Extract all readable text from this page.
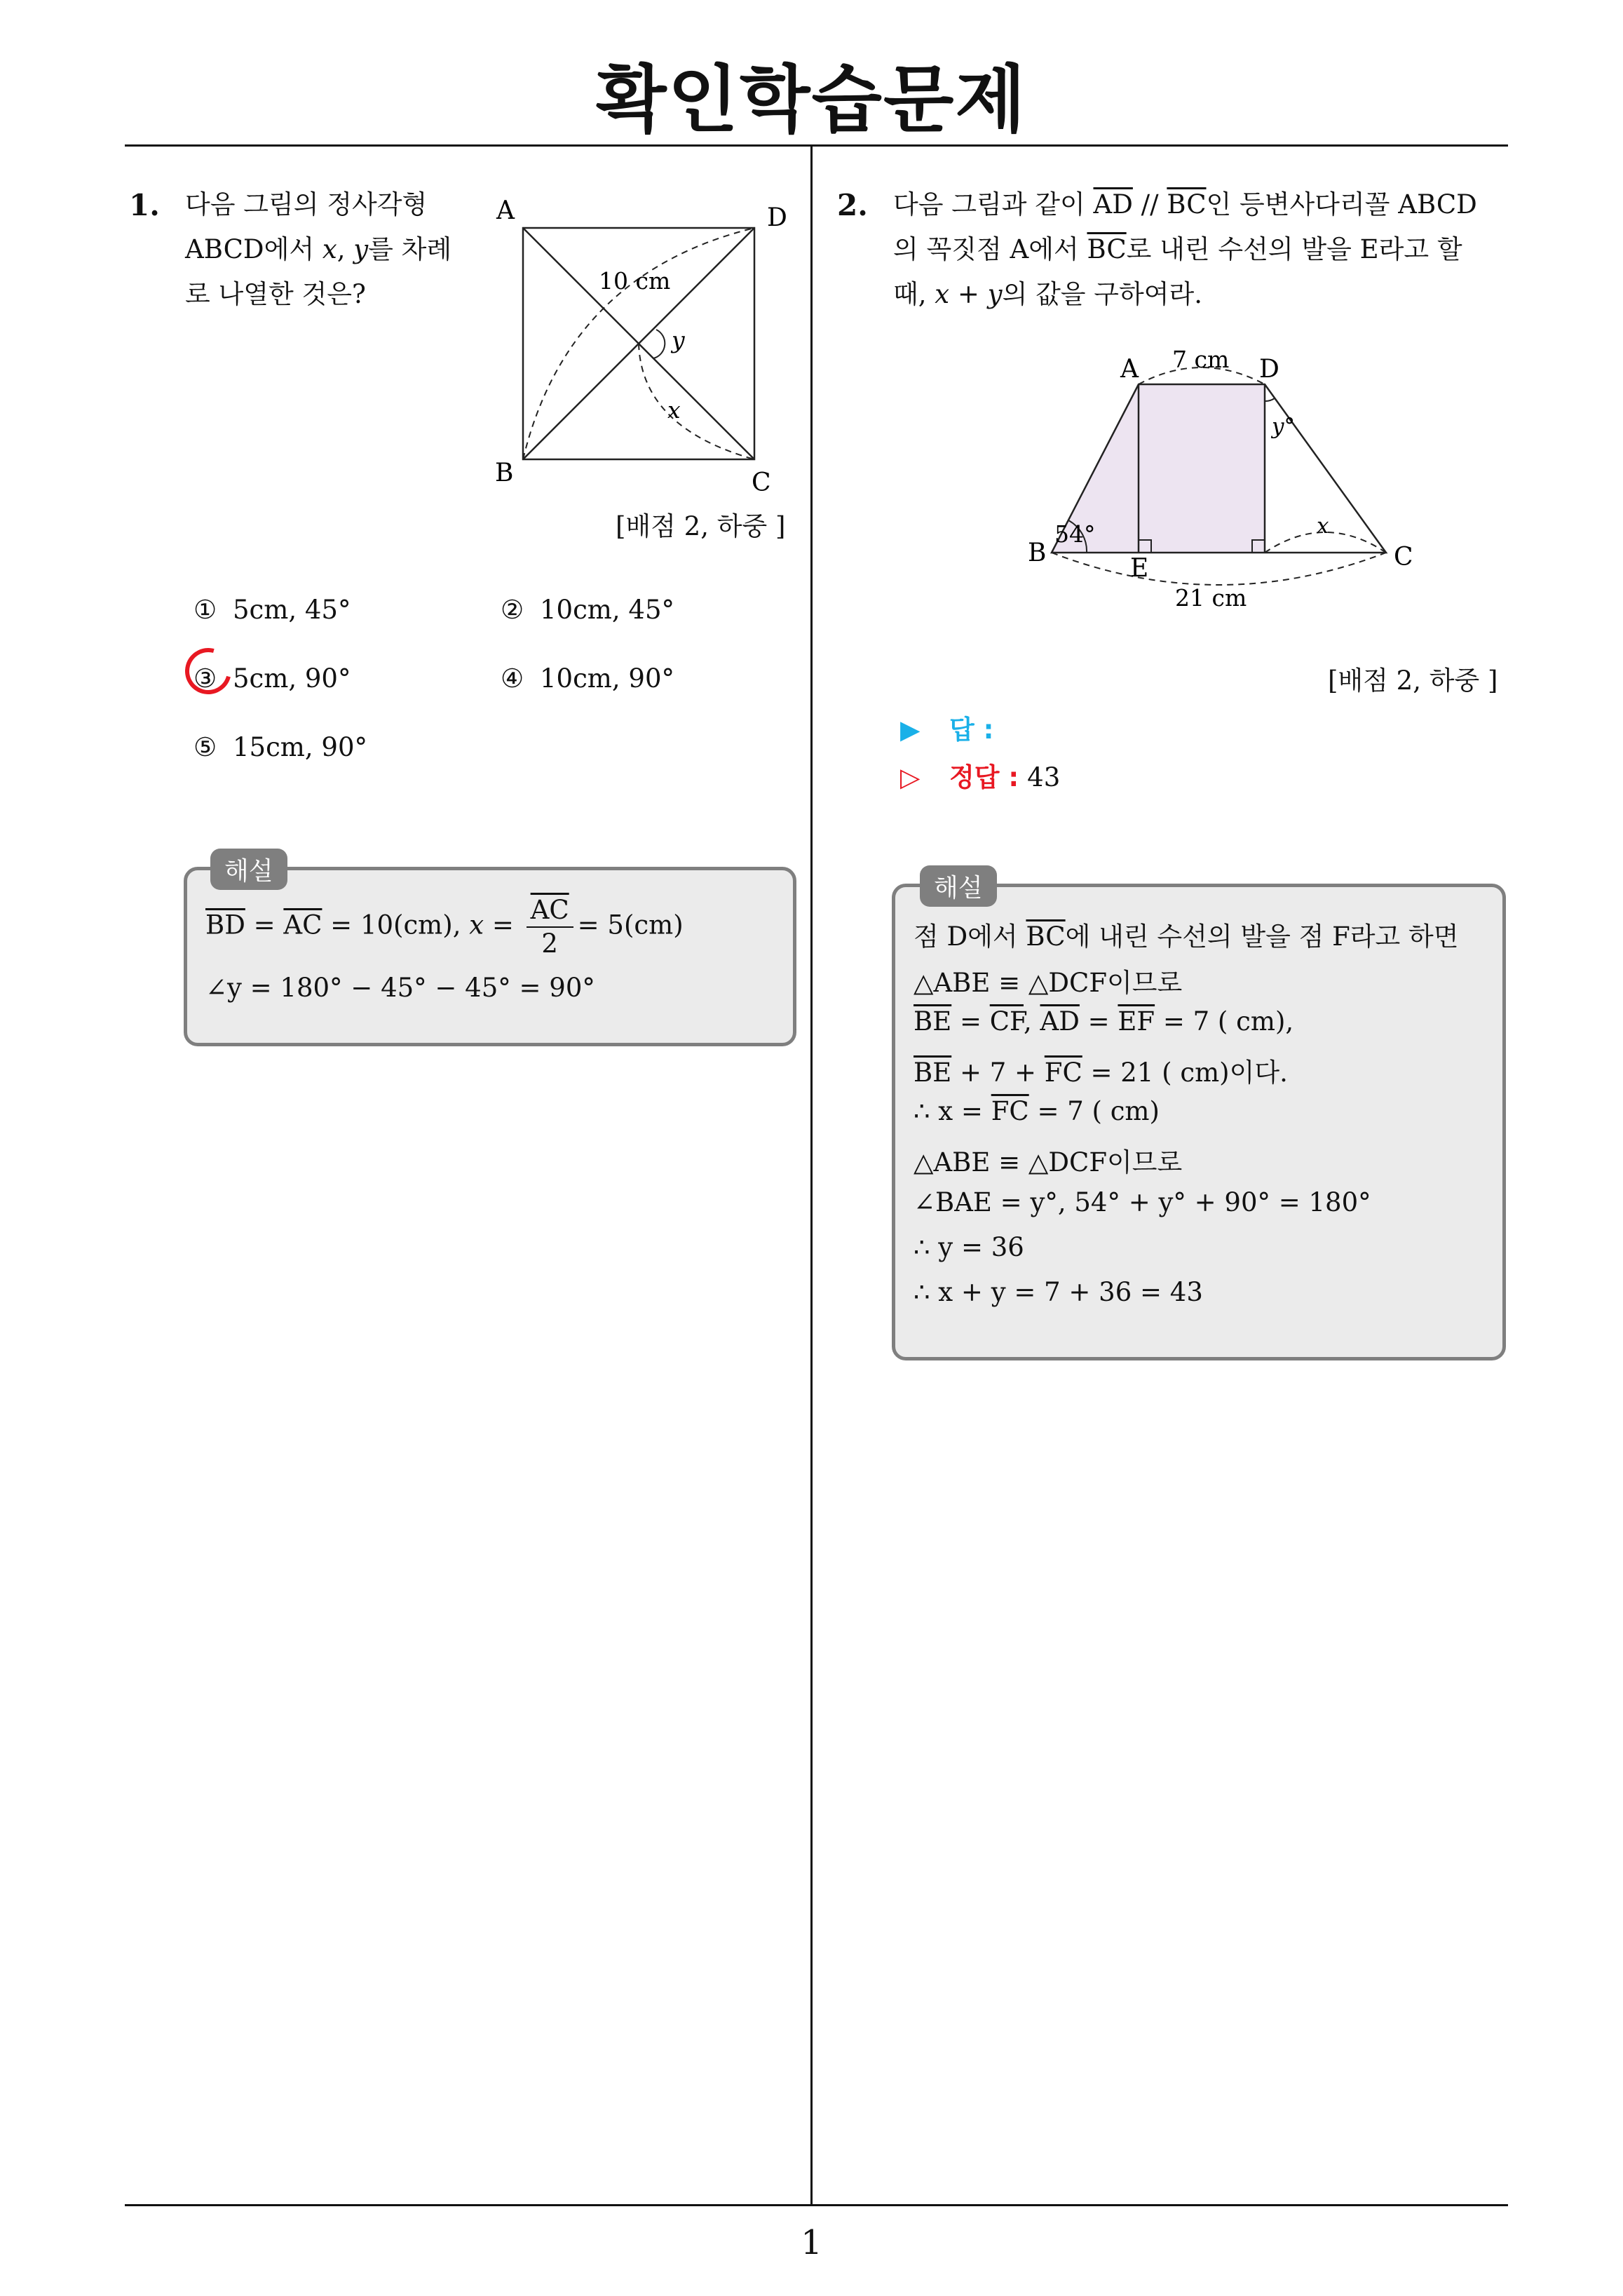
확인학습문제
1
1. 다음 그림의 정사각형
ABCD에서 x, y를 차례
로 나열한 것은?
A	D
B	C
10 cm
y
x
[배점 2, 하중 ]
① 5cm, 45°	② 10cm, 45°
③ 5cm, 90°	④ 10cm, 90°
⑤ 15cm, 90°
$\overline{BD} = \overline{AC} = 10(cm)$, $x = \frac{\overline{AC}}{2} = 5(cm)$
∠y = 180° − 45° − 45° = 90°
해설
2. 다음 그림과 같이 $\overline{AD} // \overline{BC}$인 등변사다리꼴 ABCD
의 꼭짓점 A에서 $\overline{BC}$로 내린 수선의 발을 E라고 할
때, x + y의 값을 구하여라.
A	D
7 cm
y°
54°	x
B	C
E
21 cm
[배점 2, 하중 ]
▶ 답 :
▷ 정답 : 43
점 D에서 $\overline{BC}$에 내린 수선의 발을 점 F라고 하면
△ABE ≡ △DCF이므로
$\overline{BE} = \overline{CF}$, $\overline{AD} = \overline{EF} = 7$ ( cm),
$\overline{BE} + 7 + \overline{FC} = 21$ ( cm)이다.
∴ $x = \overline{FC} = 7$ ( cm)
△ABE ≡ △DCF이므로
∠BAE = y°, 54° + y° + 90° = 180°
∴ y = 36
∴ x + y = 7 + 36 = 43
해설
